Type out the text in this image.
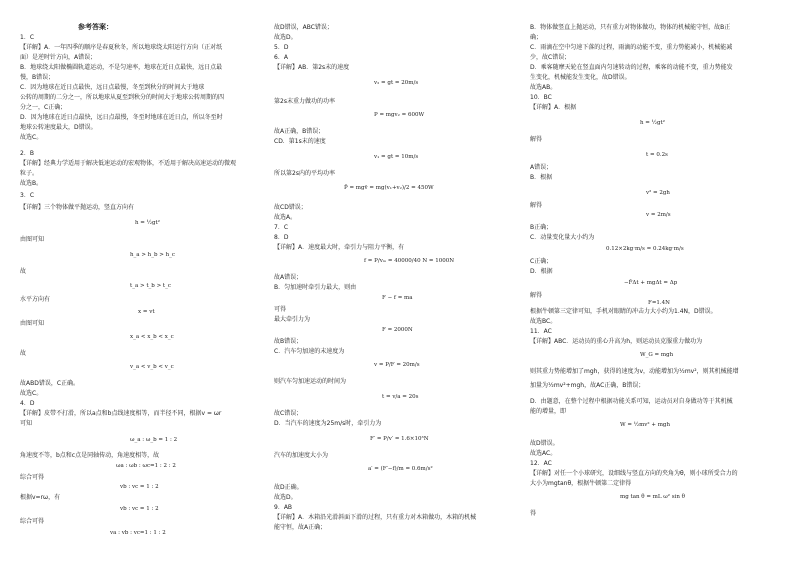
参考答案：
1．C
【详解】A．一年四季的顺序是春夏秋冬，所以地球绕太阳运行方向（正对纸
面）是逆时针方向，A错误；
B．地球绕太阳做椭圆轨道运动，不是匀速率，地球在近日点最快，远日点最
慢，B错误；
C．因为地球在近日点最快，远日点最慢，冬至到秋分的时间大于地球
公转的周期的二分之一，所以地球从夏至到秋分的时间大于地球公转周期的四
分之一，C正确；
D．因为地球在近日点最快，远日点最慢，冬至时地球在近日点，所以冬至时
地球公转速度最大，D错误。
故选C。
2．B
【详解】经典力学适用于解决低速运动的宏观物体，不适用于解决高速运动的微观
粒子。
故选B。
3．C
【详解】三个物体做平抛运动，竖直方向有
h = ½gt²
由图可知
h_a > h_b > h_c
故
t_a > t_b > t_c
水平方向有
x = vt
由图可知
x_a < x_b < x_c
故
v_a < v_b < v_c
故ABD错误，C正确。
故选C。
4．D
【详解】皮带不打滑，所以a点和b点线速度相等，而半径不同，根据v = ωr
可知
ω_a : ω_b = 1 : 2
角速度不等，b点和c点是同轴传动，角速度相等，故
ωa : ωb : ωc=1 : 2 : 2
综合可得
vb : vc = 1 : 2
根据v=rω，有
vb : vc = 1 : 2
综合可得
va : vb : vc=1 : 1 : 2
故D错误，ABC错误；
故选D。
5．D
6．A
【详解】AB．第2s末的速度
v₂ = gt = 20m/s
第2s末重力做功的功率
P = mgv₂ = 600W
故A正确，B错误；
CD．第1s末的速度
v₁ = gt = 10m/s
所以第2s内的平均功率
P̄ = mgv̄ = mg(v₁+v₂)/2 = 450W
故CD错误；
故选A。
7．C
8．D
【详解】A．速度最大时，牵引力与阻力平衡，有
f = P/vₘ = 40000/40 N = 1000N
故A错误；
B．匀加速时牵引力最大，则由
F − f = ma
可得
最大牵引力为
F = 2000N
故B错误；
C．汽车匀加速的末速度为
v = P/F = 20m/s
则汽车匀加速运动的时间为
t = v/a = 20s
故C错误；
D．当汽车的速度为25m/s时，牵引力为
F′ = P/v′ = 1.6×10³N
汽车的加速度大小为
a′ = (F′−f)/m = 0.6m/s²
故D正确。
故选D。
9．AB
【详解】A．木箱沿光滑斜面下滑的过程，只有重力对木箱做功，木箱的机械
能守恒，故A正确；
B．物体做竖直上抛运动，只有重力对物体做功，物体的机械能守恒，故B正
确；
C．雨滴在空中匀速下落的过程，雨滴的动能不变，重力势能减小，机械能减
少，故C错误；
D．乘客随摩天轮在竖直面内匀速转动的过程，乘客的动能不变，重力势能发
生变化，机械能发生变化，故D错误。
故选AB。
10．BC
【详解】A．根据
h = ½gt²
解得
t = 0.2s
A错误；
B．根据
v² = 2gh
解得
v = 2m/s
B正确；
C．动量变化量大小约为
0.12×2kg·m/s = 0.24kg·m/s
C正确；
D．根据
−F̄Δt + mgΔt = Δp
解得
F=1.4N
根据牛顿第三定律可知，手机对眼睛的冲击力大小约为1.4N，D错误。
故选BC。
11．AC
【详解】ABC．运动员的重心升高为h，则运动员克服重力做功为
W_G = mgh
则其重力势能增加了mgh，获得的速度为v，动能增加为½mv²，则其机械能增
加量为½mv²+mgh，故AC正确，B错误；
D．由题意，在整个过程中根据功能关系可知，运动员对自身做功等于其机械
能的增量，即
W = ½mv² + mgh
故D错误。
故选AC。
12．AC
【详解】对任一个小球研究，设细线与竖直方向的夹角为θ，则小球所受合力的
大小为mgtanθ，根据牛顿第二定律得
mg tan θ = mL ω² sin θ
得
